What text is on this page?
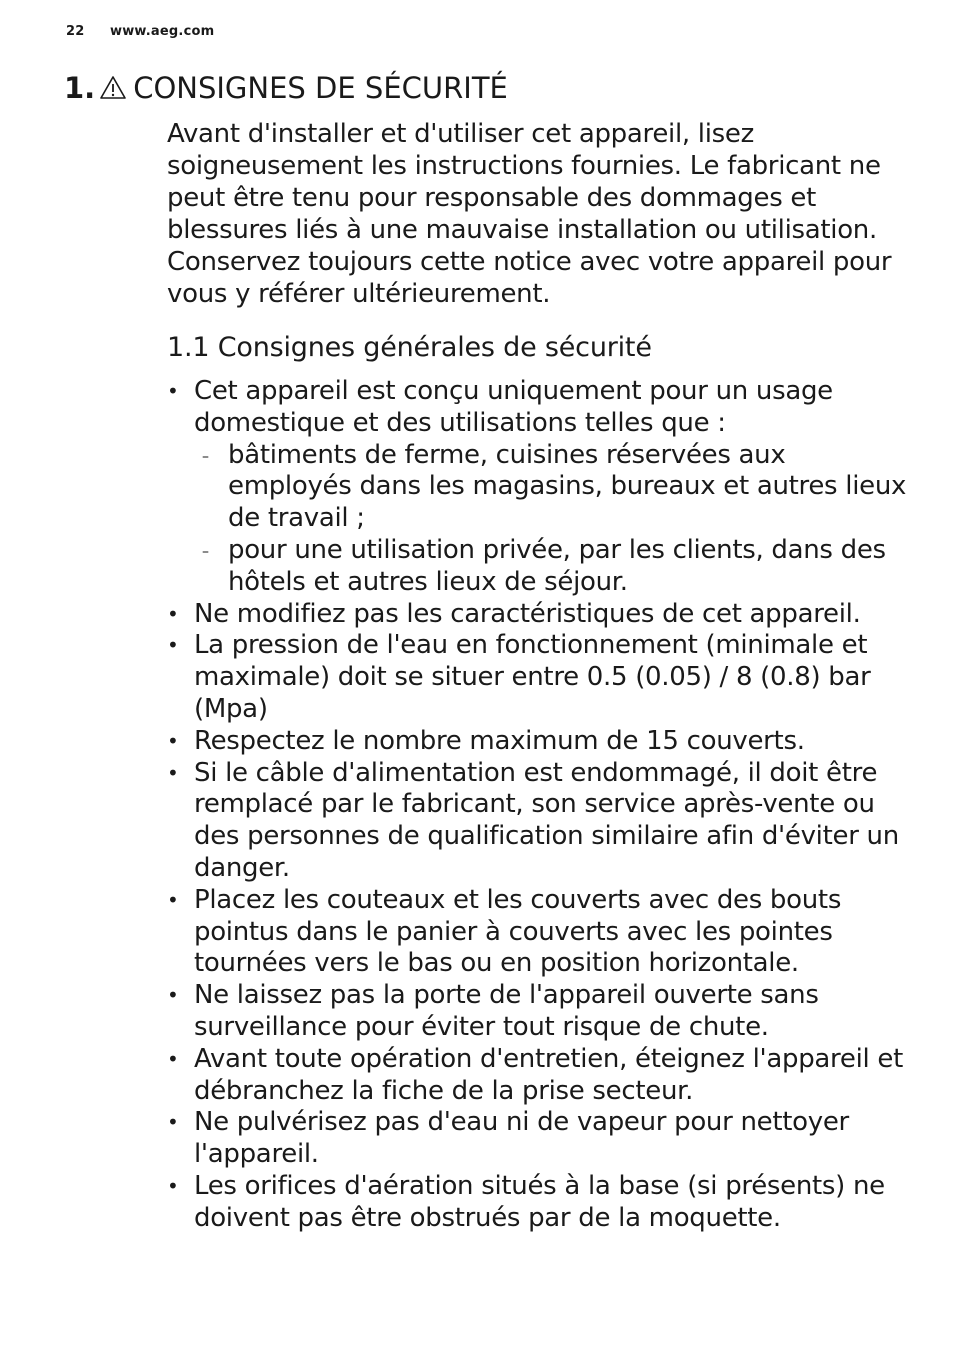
22 www.aeg.com
1. CONSIGNES DE SÉCURITÉ

Avant d'installer et d'utiliser cet appareil, lisez soigneusement les instructions fournies. Le fabricant ne peut être tenu pour responsable des dommages et blessures liés à une mauvaise installation ou utilisation. Conservez toujours cette notice avec votre appareil pour vous y référer ultérieurement.

1.1 Consignes générales de sécurité
• Cet appareil est conçu uniquement pour un usage domestique et des utilisations telles que :
– bâtiments de ferme, cuisines réservées aux employés dans les magasins, bureaux et autres lieux de travail ;
– pour une utilisation privée, par les clients, dans des hôtels et autres lieux de séjour.
• Ne modifiez pas les caractéristiques de cet appareil.
• La pression de l'eau en fonctionnement (minimale et maximale) doit se situer entre 0.5 (0.05) / 8 (0.8) bar (Mpa)
• Respectez le nombre maximum de 15 couverts.
• Si le câble d'alimentation est endommagé, il doit être remplacé par le fabricant, son service après-vente ou des personnes de qualification similaire afin d'éviter un danger.
• Placez les couteaux et les couverts avec des bouts pointus dans le panier à couverts avec les pointes tournées vers le bas ou en position horizontale.
• Ne laissez pas la porte de l'appareil ouverte sans surveillance pour éviter tout risque de chute.
• Avant toute opération d'entretien, éteignez l'appareil et débranchez la fiche de la prise secteur.
• Ne pulvérisez pas d'eau ni de vapeur pour nettoyer l'appareil.
• Les orifices d'aération situés à la base (si présents) ne doivent pas être obstrués par de la moquette.
